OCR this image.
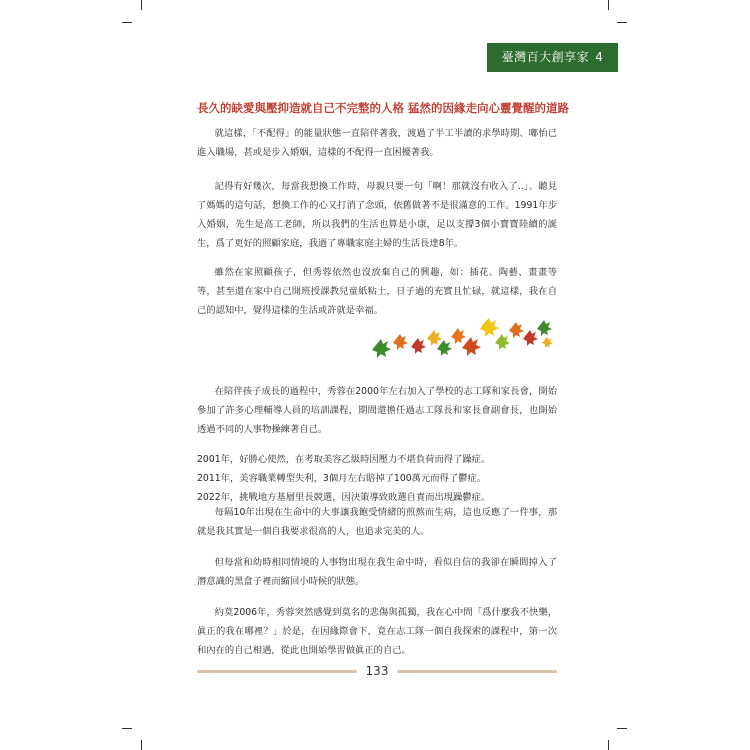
臺灣百大創享家 4
長久的缺愛與壓抑造就自己不完整的人格 猛然的因緣走向心靈覺醒的道路

就這樣，「不配得」的能量狀態一直陪伴著我，渡過了半工半讀的求學時期、嘟怡已進入職場，甚或是步入婚姻，這樣的不配得一直困擾著我。

記得有好幾次，每當我想換工作時，母親只要一句「啊！那就沒有收入了..」。聽見了媽媽的這句話，想換工作的心又打消了念頭，依舊做著不是很滿意的工作。1991年步入婚姻，先生是高工老師，所以我們的生活也算是小康，足以支撐3個小寶寶陸續的誕生，爲了更好的照顧家庭，我過了專職家庭主婦的生活長達8年。

雖然在家照顧孩子，但秀蓉依然也沒放棄自己的興趣，如：插花、陶藝、畫畫等等，甚至還在家中自己開班授課教兒童紙粘土，日子過的充實且忙碌，就這樣，我在自己的認知中，覺得這樣的生活或許就是幸福。

在陪伴孩子成長的過程中，秀蓉在2000年左右加入了學校的志工隊和家長會，開始參加了許多心理輔導人員的培訓課程，期間還擔任過志工隊長和家長會副會長，也開始透過不同的人事物操練著自己。

2001年，好勝心使然，在考取美容乙級時因壓力不堪負荷而得了躁症。
2011年，美容職業轉型失利，3個月左右賠掉了100萬元而得了鬱症。
2022年，挑戰地方基層里長競選，因決策導致敗選自責而出現躁鬱症。

每隔10年出現在生命中的大事讓我飽受情緒的煎熬而生病，這也反應了一件事，那就是我其實是一個自我要求很高的人，也追求完美的人。

但每當和幼時相同情境的人事物出現在我生命中時，看似自信的我卻在瞬間掉入了潛意識的黑盒子裡而縮回小時候的狀態。

約莫2006年，秀蓉突然感覺到莫名的悲傷與孤獨，我在心中問「爲什麼我不快樂，眞正的我在哪裡？」於是，在因緣際會下，竟在志工隊一個自我探索的課程中，第一次和內在的自己相遇，從此也開始學習做眞正的自己。

133
